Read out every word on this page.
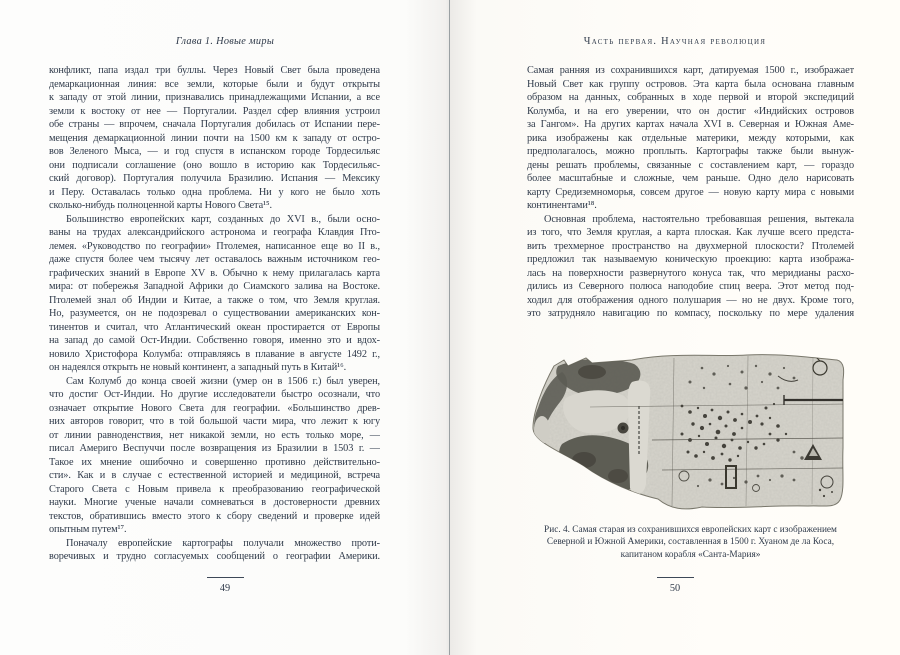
Глава 1. Новые миры
конфликт, папа издал три буллы. Через Новый Свет была проведена
демаркационная линия: все земли, которые были и будут открыты
к западу от этой линии, признавались принадлежащими Испании, а все
земли к востоку от нее — Португалии. Раздел сфер влияния устроил
обе страны — впрочем, сначала Португалия добилась от Испании пере-
мещения демаркационной линии почти на 1500 км к западу от остро-
вов Зеленого Мыса, — и год спустя в испанском городе Тордесильяс
они подписали соглашение (оно вошло в историю как Тордесильяс-
ский договор). Португалия получила Бразилию. Испания — Мексику
и Перу. Оставалась только одна проблема. Ни у кого не было хоть
сколько-нибудь полноценной карты Нового Света¹⁵.
Большинство европейских карт, созданных до XVI в., были осно-
ваны на трудах александрийского астронома и географа Клавдия Пто-
лемея. «Руководство по географии» Птолемея, написанное еще во II в.,
даже спустя более чем тысячу лет оставалось важным источником гео-
графических знаний в Европе XV в. Обычно к нему прилагалась карта
мира: от побережья Западной Африки до Сиамского залива на Востоке.
Птолемей знал об Индии и Китае, а также о том, что Земля круглая.
Но, разумеется, он не подозревал о существовании американских кон-
тинентов и считал, что Атлантический океан простирается от Европы
на запад до самой Ост-Индии. Собственно говоря, именно это и вдох-
новило Христофора Колумба: отправляясь в плавание в августе 1492 г.,
он надеялся открыть не новый континент, а западный путь в Китай¹⁶.
Сам Колумб до конца своей жизни (умер он в 1506 г.) был уверен,
что достиг Ост-Индии. Но другие исследователи быстро осознали, что
означает открытие Нового Света для географии. «Большинство древ-
них авторов говорит, что в той большой части мира, что лежит к югу
от линии равноденствия, нет никакой земли, но есть только море, —
писал Америго Веспуччи после возвращения из Бразилии в 1503 г. —
Такое их мнение ошибочно и совершенно противно действительно-
сти». Как и в случае с естественной историей и медициной, встреча
Старого Света с Новым привела к преобразованию географической
науки. Многие ученые начали сомневаться в достоверности древних
текстов, обратившись вместо этого к сбору сведений и проверке идей
опытным путем¹⁷.
Поначалу европейские картографы получали множество проти-
воречивых и трудно согласуемых сообщений о географии Америки.
49
Часть первая. Научная революция
Самая ранняя из сохранившихся карт, датируемая 1500 г., изображает
Новый Свет как группу островов. Эта карта была основана главным
образом на данных, собранных в ходе первой и второй экспедиций
Колумба, и на его уверении, что он достиг «Индийских островов
за Гангом». На других картах начала XVI в. Северная и Южная Аме-
рика изображены как отдельные материки, между которыми, как
предполагалось, можно проплыть. Картографы также были вынуж-
дены решать проблемы, связанные с составлением карт, — гораздо
более масштабные и сложные, чем раньше. Одно дело нарисовать
карту Средиземноморья, совсем другое — новую карту мира с новыми
континентами¹⁸.
Основная проблема, настоятельно требовавшая решения, вытекала
из того, что Земля круглая, а карта плоская. Как лучше всего предста-
вить трехмерное пространство на двухмерной плоскости? Птолемей
предложил так называемую коническую проекцию: карта изобража-
лась на поверхности развернутого конуса так, что меридианы расхо-
дились из Северного полюса наподобие спиц веера. Этот метод под-
ходил для отображения одного полушария — но не двух. Кроме того,
это затрудняло навигацию по компасу, поскольку по мере удаления
Рис. 4. Самая старая из сохранившихся европейских карт с изображением
Северной и Южной Америки, составленная в 1500 г. Хуаном де ла Коса,
капитаном корабля «Санта-Мария»
50
